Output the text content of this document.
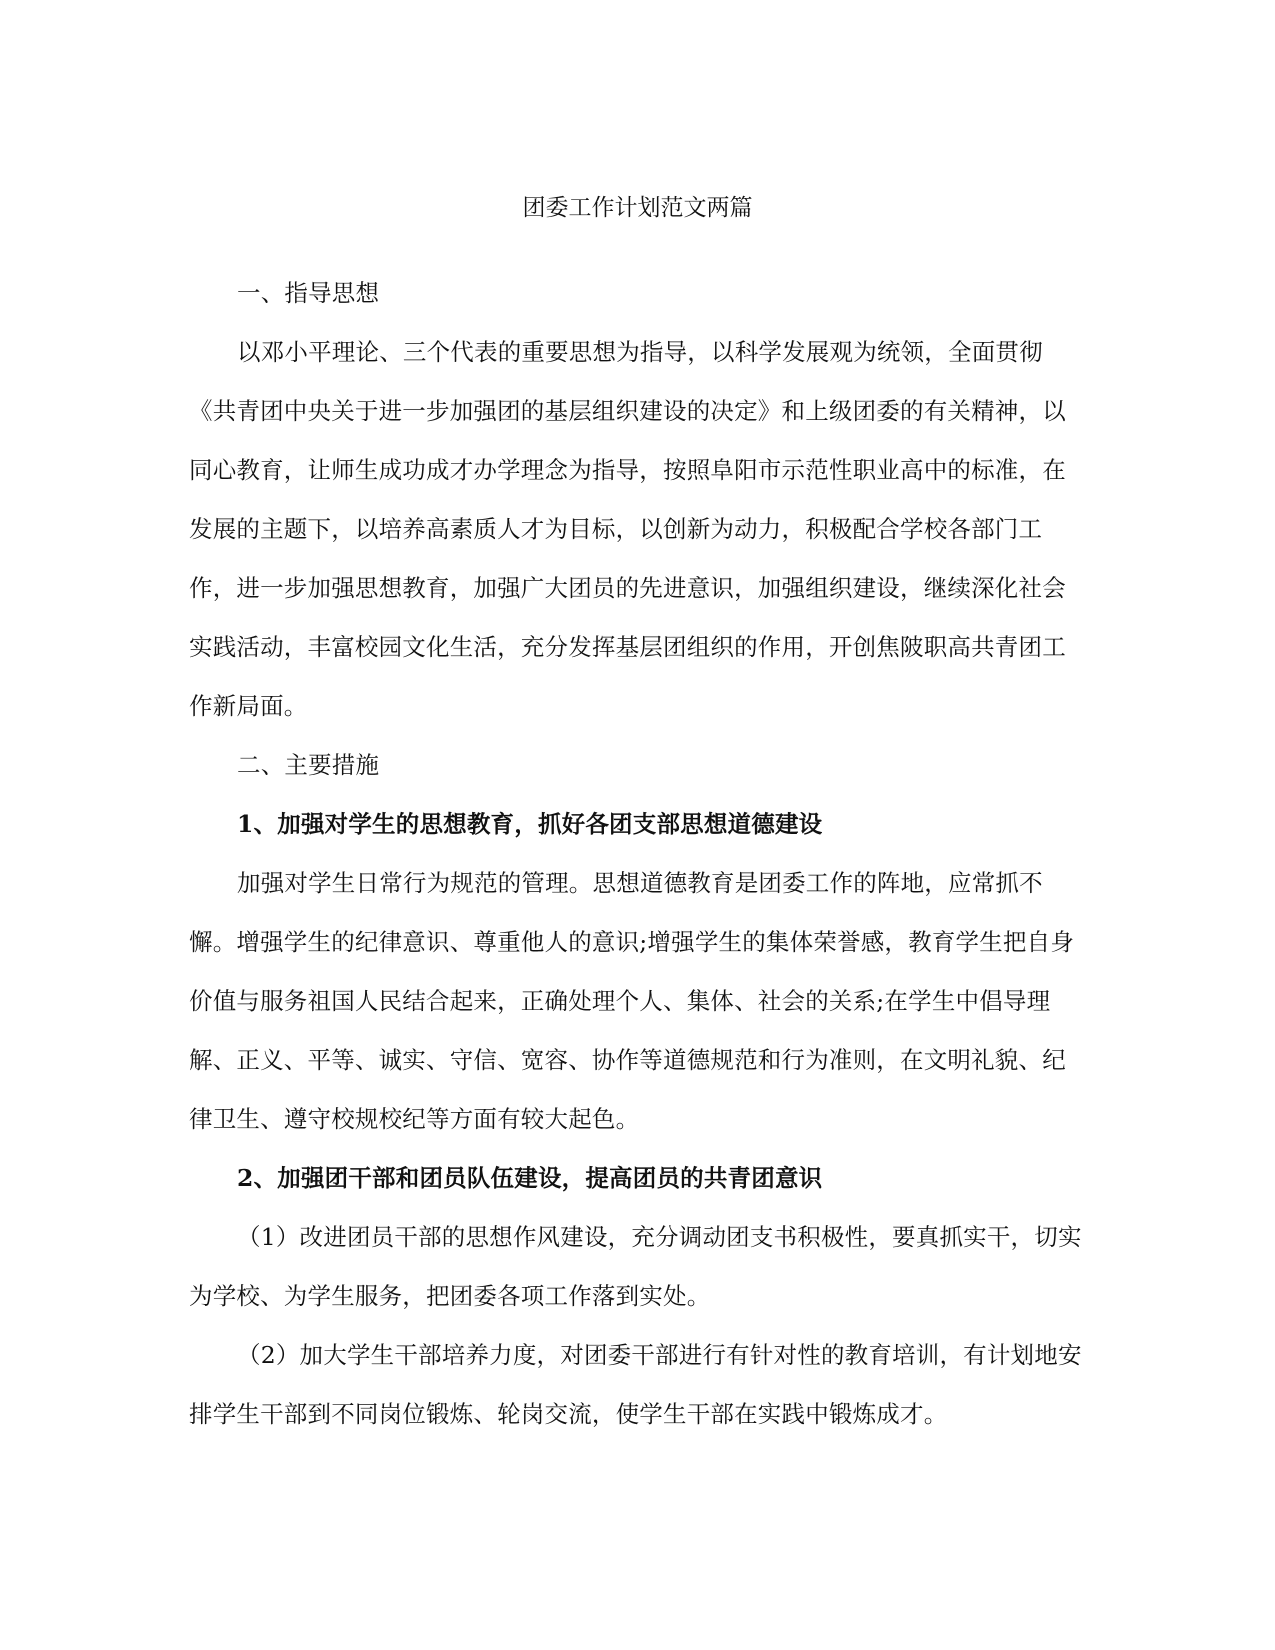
团委工作计划范文两篇

一、指导思想

以邓小平理论、三个代表的重要思想为指导，以科学发展观为统领，全面贯彻《共青团中央关于进一步加强团的基层组织建设的决定》和上级团委的有关精神，以同心教育，让师生成功成才办学理念为指导，按照阜阳市示范性职业高中的标准，在发展的主题下，以培养高素质人才为目标，以创新为动力，积极配合学校各部门工作，进一步加强思想教育，加强广大团员的先进意识，加强组织建设，继续深化社会实践活动，丰富校园文化生活，充分发挥基层团组织的作用，开创焦陂职高共青团工作新局面。

二、主要措施

1、加强对学生的思想教育，抓好各团支部思想道德建设

加强对学生日常行为规范的管理。思想道德教育是团委工作的阵地，应常抓不懈。增强学生的纪律意识、尊重他人的意识;增强学生的集体荣誉感，教育学生把自身价值与服务祖国人民结合起来，正确处理个人、集体、社会的关系;在学生中倡导理解、正义、平等、诚实、守信、宽容、协作等道德规范和行为准则，在文明礼貌、纪律卫生、遵守校规校纪等方面有较大起色。

2、加强团干部和团员队伍建设，提高团员的共青团意识

（1）改进团员干部的思想作风建设，充分调动团支书积极性，要真抓实干，切实为学校、为学生服务，把团委各项工作落到实处。

（2）加大学生干部培养力度，对团委干部进行有针对性的教育培训，有计划地安排学生干部到不同岗位锻炼、轮岗交流，使学生干部在实践中锻炼成才。
